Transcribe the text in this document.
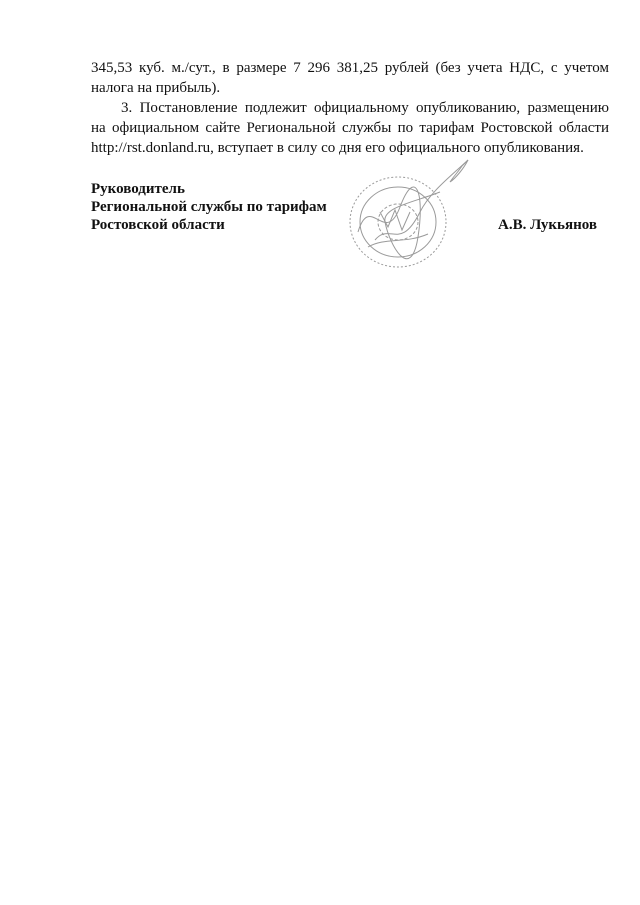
345,53 куб. м./сут., в размере 7 296 381,25 рублей (без учета НДС, с учетом налога на прибыль).

3. Постановление подлежит официальному опубликованию, размещению на официальном сайте Региональной службы по тарифам Ростовской области http://rst.donland.ru, вступает в силу со дня его официального опубликования.

Руководитель
Региональной службы по тарифам
Ростовской области	А.В. Лукьянов
